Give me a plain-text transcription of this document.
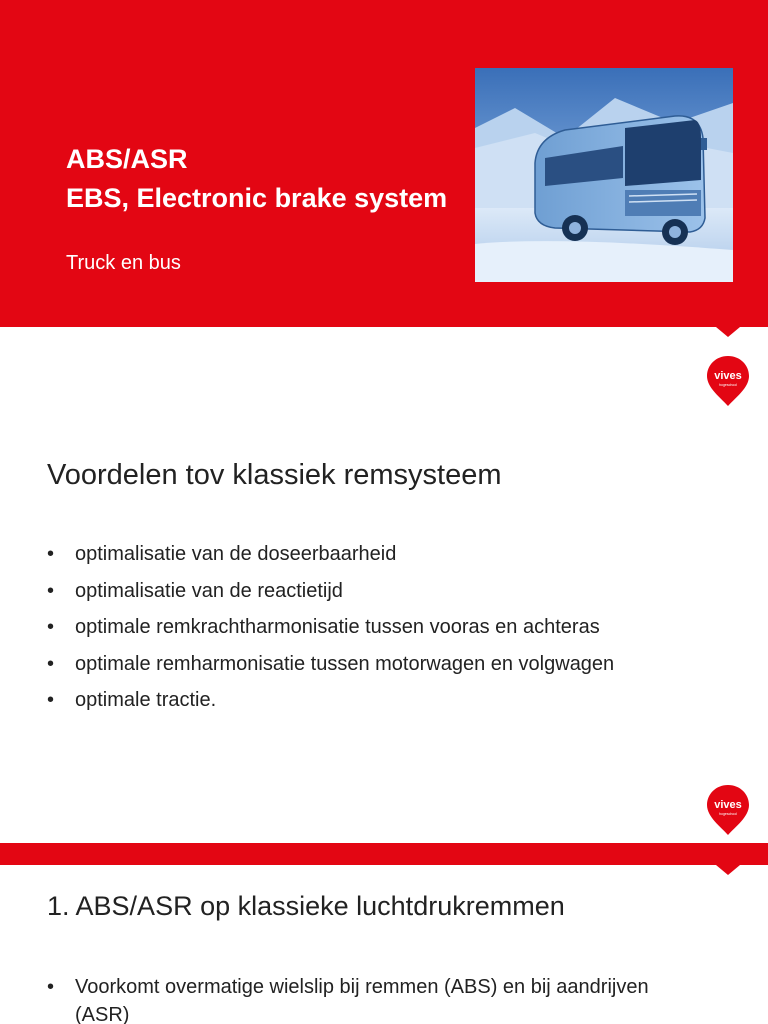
ABS/ASR
EBS, Electronic brake system
Truck en bus
vives
hogeschool
Voordelen tov klassiek remsysteem
• optimalisatie van de doseerbaarheid
• optimalisatie van de reactietijd
• optimale remkrachtharmonisatie tussen vooras en achteras
• optimale remharmonisatie tussen motorwagen en volgwagen
• optimale tractie.
vives
hogeschool
1. ABS/ASR op klassieke luchtdrukremmen
• Voorkomt overmatige wielslip bij remmen (ABS) en bij aandrijven (ASR)
